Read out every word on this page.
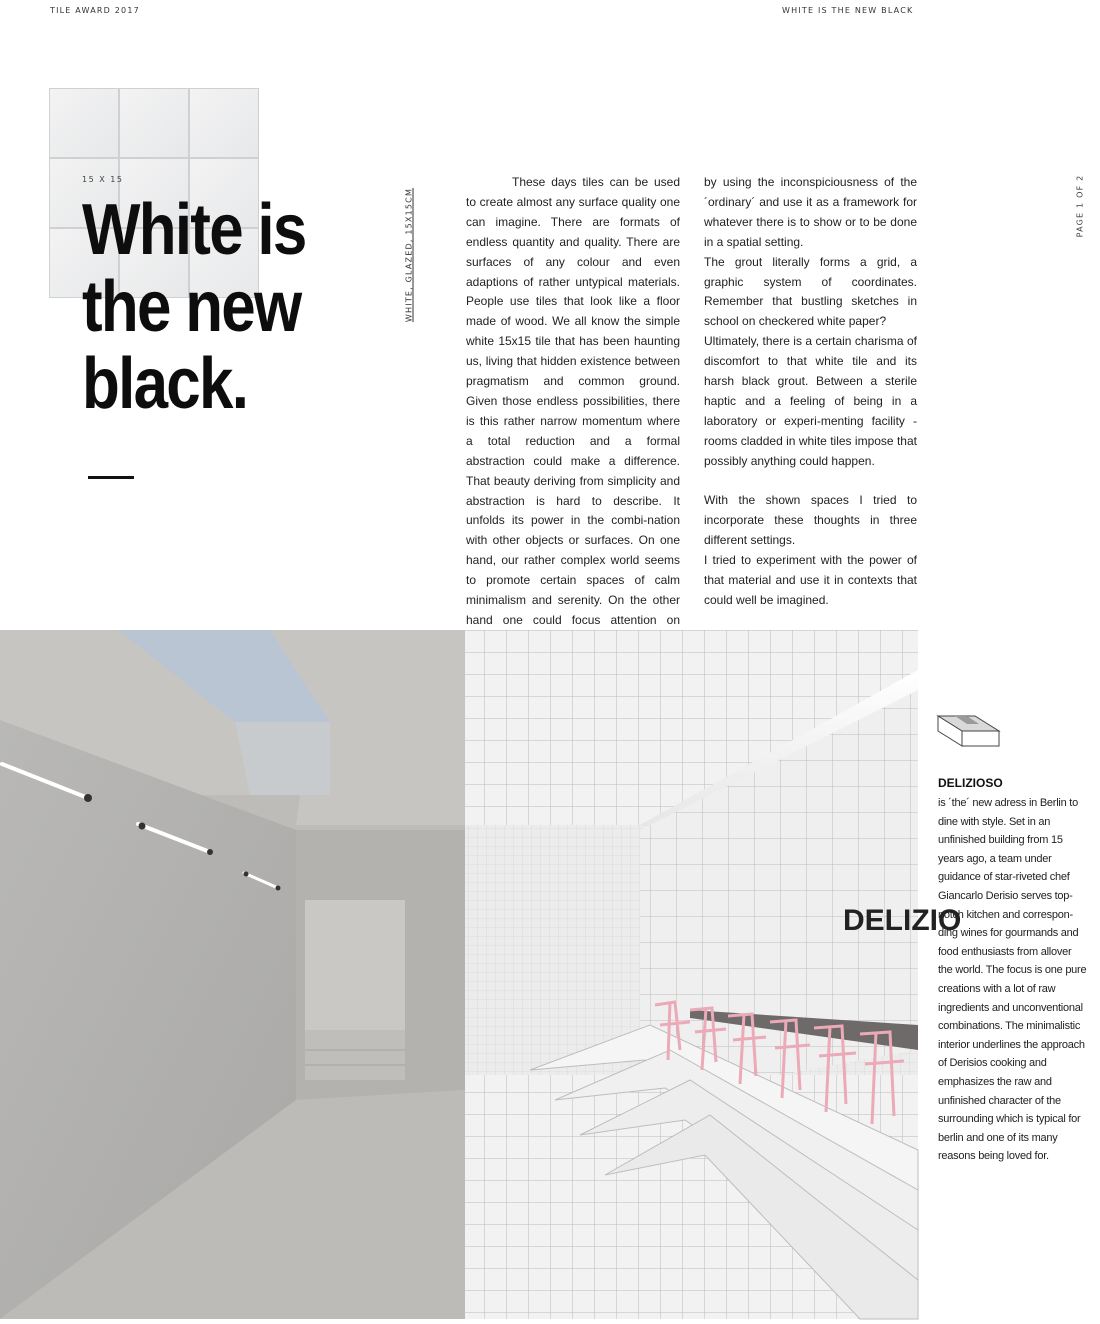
TILE AWARD 2017	WHITE IS THE NEW BLACK
15 X 15
White is
the new
black.
WHITE, GLAZED, 15X15CM	PAGE 1 OF 2

These days tiles can be used to create almost any surface quality one can imagine. There are formats of endless quantity and quality. There are surfaces of any colour and even adaptions of rather untypical materials. People use tiles that look like a floor made of wood. We all know the simple white 15x15 tile that has been haunting us, living that hidden existence between pragmatism and common ground. Given those endless possibilities, there is this rather narrow momentum where a total reduction and a formal abstraction could make a difference. That beauty deriving from simplicity and abstraction is hard to describe. It unfolds its power in the combi-nation with other objects or surfaces. On one hand, our rather complex world seems to promote certain spaces of calm minimalism and serenity. On the other hand one could focus attention on

by using the inconspiciousness of the ´ordinary´ and use it as a framework for whatever there is to show or to be done in a spatial setting.

The grout literally forms a grid, a graphic system of coordinates. Remember that bustling sketches in school on checkered white paper?

Ultimately, there is a certain charisma of discomfort to that white tile and its harsh black grout. Between a sterile haptic and a feeling of being in a laboratory or experi-menting facility - rooms cladded in white tiles impose that possibly anything could happen.

With the shown spaces I tried to incorporate these thoughts in three different settings.

I tried to experiment with the power of that material and use it in contexts that could well be imagined.

DELIZIO
DELIZIOSO
is ´the´ new adress in Berlin to dine with style. Set in an unfinished building from 15 years ago, a team under guidance of star-riveted chef Giancarlo Derisio serves top-notch kitchen and correspon-ding wines for gourmands and food enthusiasts from allover the world. The focus is one pure creations with a lot of raw ingredients and unconventional combinations. The minimalistic interior underlines the approach of Derisios cooking and emphasizes the raw and unfinished character of the surrounding which is typical for berlin and one of its many reasons being loved for.
